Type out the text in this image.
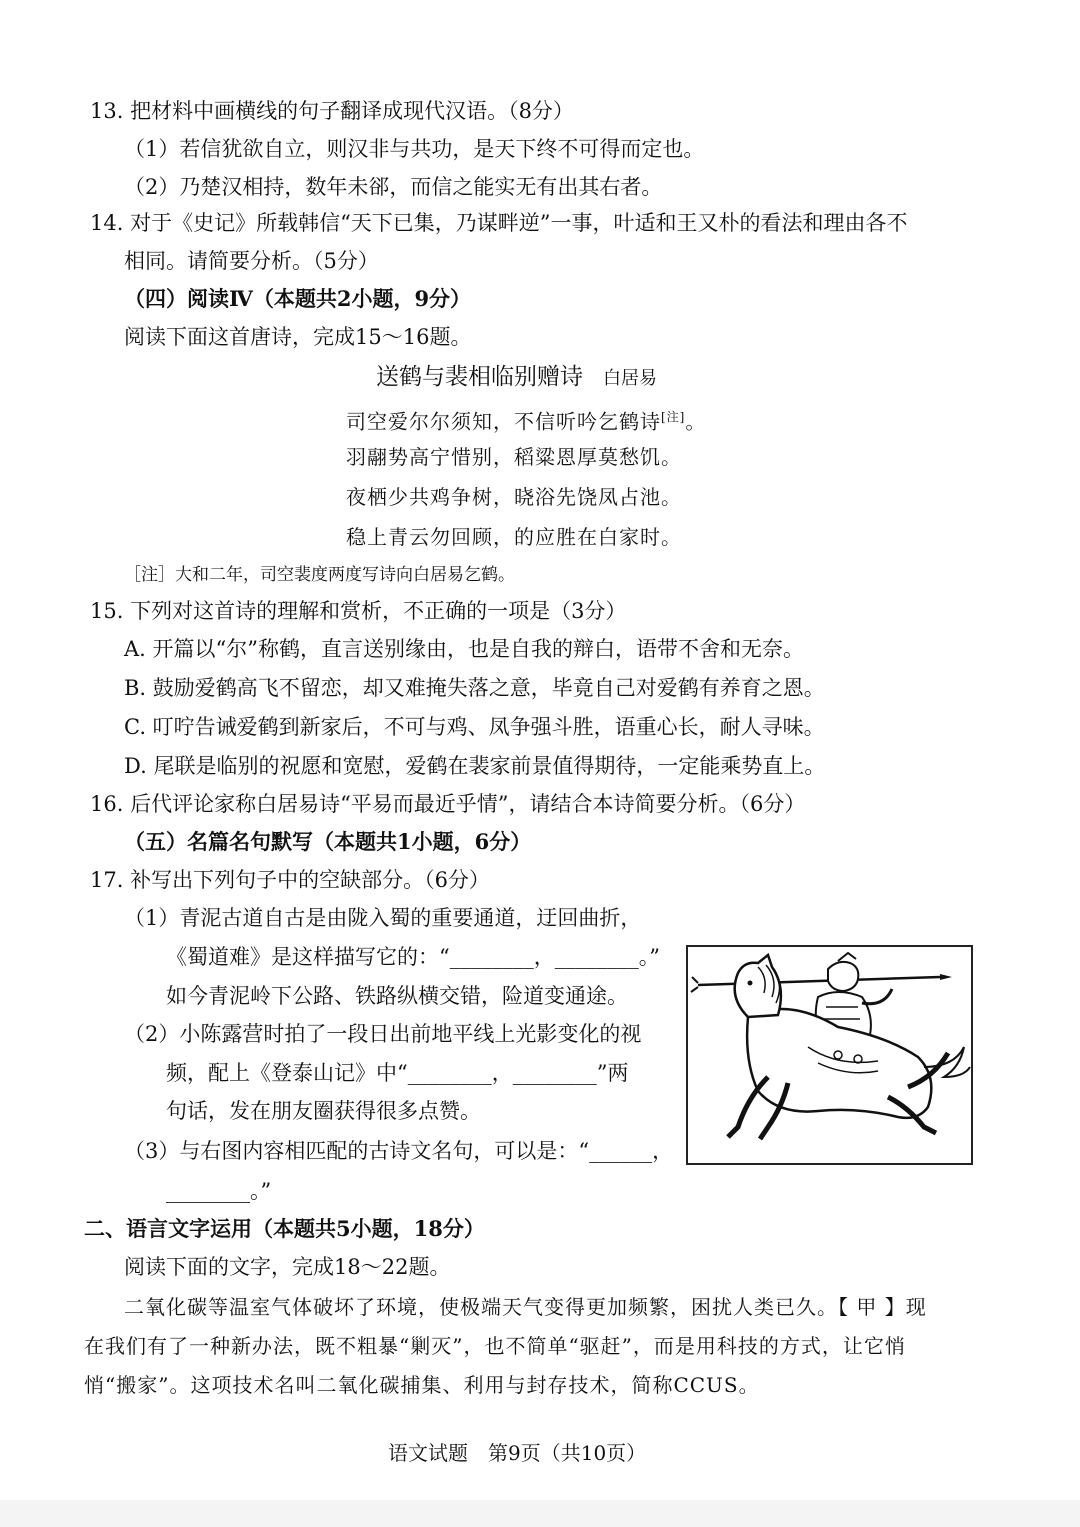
13. 把材料中画横线的句子翻译成现代汉语。（8分）
（1）若信犹欲自立，则汉非与共功，是天下终不可得而定也。
（2）乃楚汉相持，数年未郤，而信之能实无有出其右者。
14. 对于《史记》所载韩信“天下已集，乃谋畔逆”一事，叶适和王又朴的看法和理由各不
相同。请简要分析。（5分）
（四）阅读Ⅳ（本题共2小题，9分）
阅读下面这首唐诗，完成15～16题。
送鹤与裴相临别赠诗 白居易
司空爱尔尔须知，不信听吟乞鹤诗[注]。
羽翮势高宁惜别，稻粱恩厚莫愁饥。
夜栖少共鸡争树，晓浴先饶凤占池。
稳上青云勿回顾，的应胜在白家时。
［注］大和二年，司空裴度两度写诗向白居易乞鹤。
15. 下列对这首诗的理解和赏析，不正确的一项是（3分）
A. 开篇以“尔”称鹤，直言送别缘由，也是自我的辩白，语带不舍和无奈。
B. 鼓励爱鹤高飞不留恋，却又难掩失落之意，毕竟自己对爱鹤有养育之恩。
C. 叮咛告诫爱鹤到新家后，不可与鸡、凤争强斗胜，语重心长，耐人寻味。
D. 尾联是临别的祝愿和宽慰，爱鹤在裴家前景值得期待，一定能乘势直上。
16. 后代评论家称白居易诗“平易而最近乎情”，请结合本诗简要分析。（6分）
（五）名篇名句默写（本题共1小题，6分）
17. 补写出下列句子中的空缺部分。（6分）
（1）青泥古道自古是由陇入蜀的重要通道，迂回曲折，
《蜀道难》是这样描写它的：“________，________。”
如今青泥岭下公路、铁路纵横交错，险道变通途。
（2）小陈露营时拍了一段日出前地平线上光影变化的视
频，配上《登泰山记》中“________，________”两
句话，发在朋友圈获得很多点赞。
（3）与右图内容相匹配的古诗文名句，可以是：“______，
________。”
二、语言文字运用（本题共5小题，18分）
阅读下面的文字，完成18～22题。
二氧化碳等温室气体破坏了环境，使极端天气变得更加频繁，困扰人类已久。【 甲 】现
在我们有了一种新办法，既不粗暴“剿灭”，也不简单“驱赶”，而是用科技的方式，让它悄
悄“搬家”。这项技术名叫二氧化碳捕集、利用与封存技术，简称CCUS。
语文试题　第9页（共10页）
